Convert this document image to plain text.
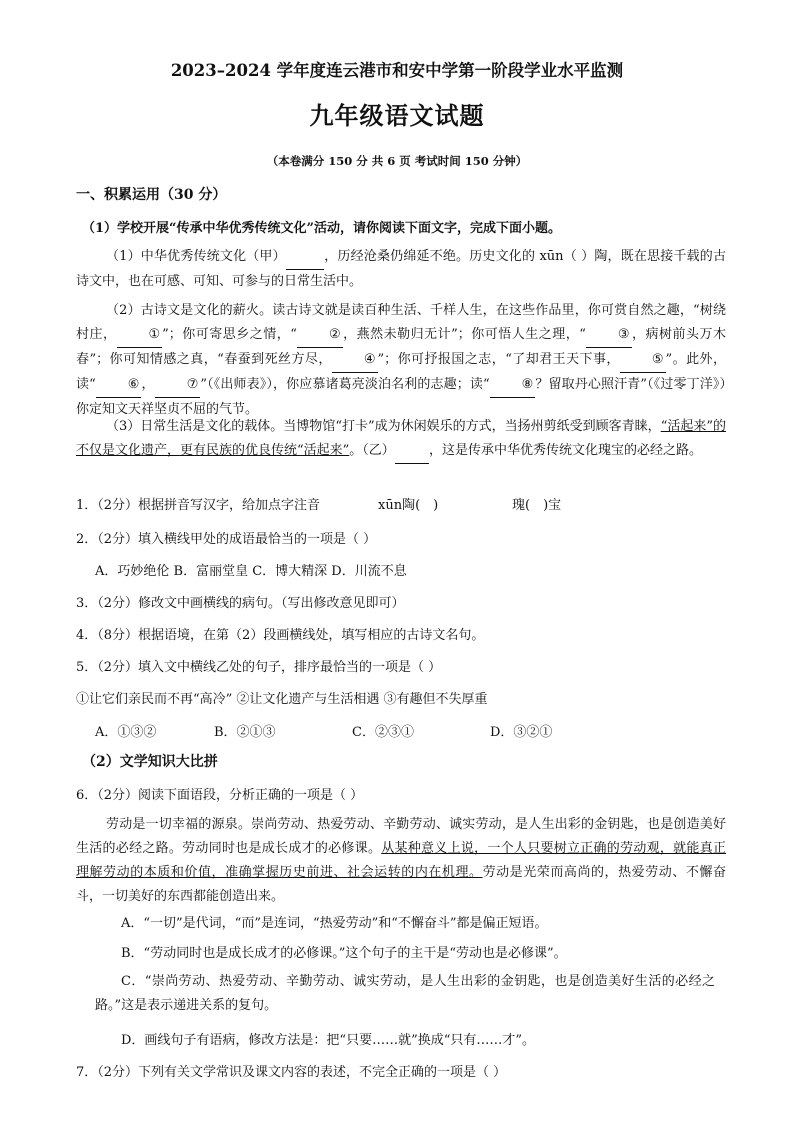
2023–2024 学年度连云港市和安中学第一阶段学业水平监测
九年级语文试题
（本卷满分 150 分 共 6 页 考试时间 150 分钟）
一、积累运用（30 分）
（1）学校开展“传承中华优秀传统文化”活动，请你阅读下面文字，完成下面小题。
（1）中华优秀传统文化（甲）	，历经沧桑仍绵延不绝。历史文化的 xūn（ ）陶，既在思接千载的古诗文中，也在可感、可知、可参与的日常生活中。
（2）古诗文是文化的薪火。读古诗文就是读百种生活、千样人生，在这些作品里，你可赏自然之趣，“树绕村庄， ① ”；你可寄思乡之情，“ ② ，燕然未勒归无计”；你可悟人生之理，“ ③ ，病树前头万木春”；你可知情感之真，“春蚕到死丝方尽， ④ ”；你可抒报国之志，“了却君王天下事， ⑤ ”。此外，读“ ⑥ ， ⑦ ”（《出师表》），你应慕诸葛亮淡泊名利的志趣；读“ ⑧ ？留取丹心照汗青”（《过零丁洋》）你定知文天祥坚贞不屈的气节。
（3）日常生活是文化的载体。当博物馆“打卡”成为休闲娱乐的方式，当扬州剪纸受到顾客青睐，“活起来”的不仅是文化遗产，更有民族的优良传统“活起来”。（乙）	，这是传承中华优秀传统文化瑰宝的必经之路。
1．（2分）根据拼音写汉字，给加点字注音	xūn陶(　)	瑰(　)宝
2．（2分）填入横线甲处的成语最恰当的一项是（ ）
A．巧妙绝伦 B．富丽堂皇 C．博大精深 D．川流不息
3．（2分）修改文中画横线的病句。（写出修改意见即可）
4．（8分）根据语境，在第（2）段画横线处，填写相应的古诗文名句。
5．（2分）填入文中横线乙处的句子，排序最恰当的一项是（ ）
①让它们亲民而不再“高冷” ②让文化遗产与生活相遇 ③有趣但不失厚重
A．①③②	B．②①③	C．②③①	D．③②①
（2）文学知识大比拼
6．（2分）阅读下面语段，分析正确的一项是（ ）
劳动是一切幸福的源泉。崇尚劳动、热爱劳动、辛勤劳动、诚实劳动，是人生出彩的金钥匙，也是创造美好生活的必经之路。劳动同时也是成长成才的必修课。从某种意义上说，一个人只要树立正确的劳动观，就能真正理解劳动的本质和价值，准确掌握历史前进、社会运转的内在机理。劳动是光荣而高尚的，热爱劳动、不懈奋斗，一切美好的东西都能创造出来。
A．“一切”是代词，“而”是连词，“热爱劳动”和“不懈奋斗”都是偏正短语。
B．“劳动同时也是成长成才的必修课。”这个句子的主干是“劳动也是必修课”。
C．“崇尚劳动、热爱劳动、辛勤劳动、诚实劳动，是人生出彩的金钥匙，也是创造美好生活的必经之路。”这是表示递进关系的复句。
D．画线句子有语病，修改方法是：把“只要……就”换成“只有……才”。
7．（2分）下列有关文学常识及课文内容的表述，不完全正确的一项是（ ）
